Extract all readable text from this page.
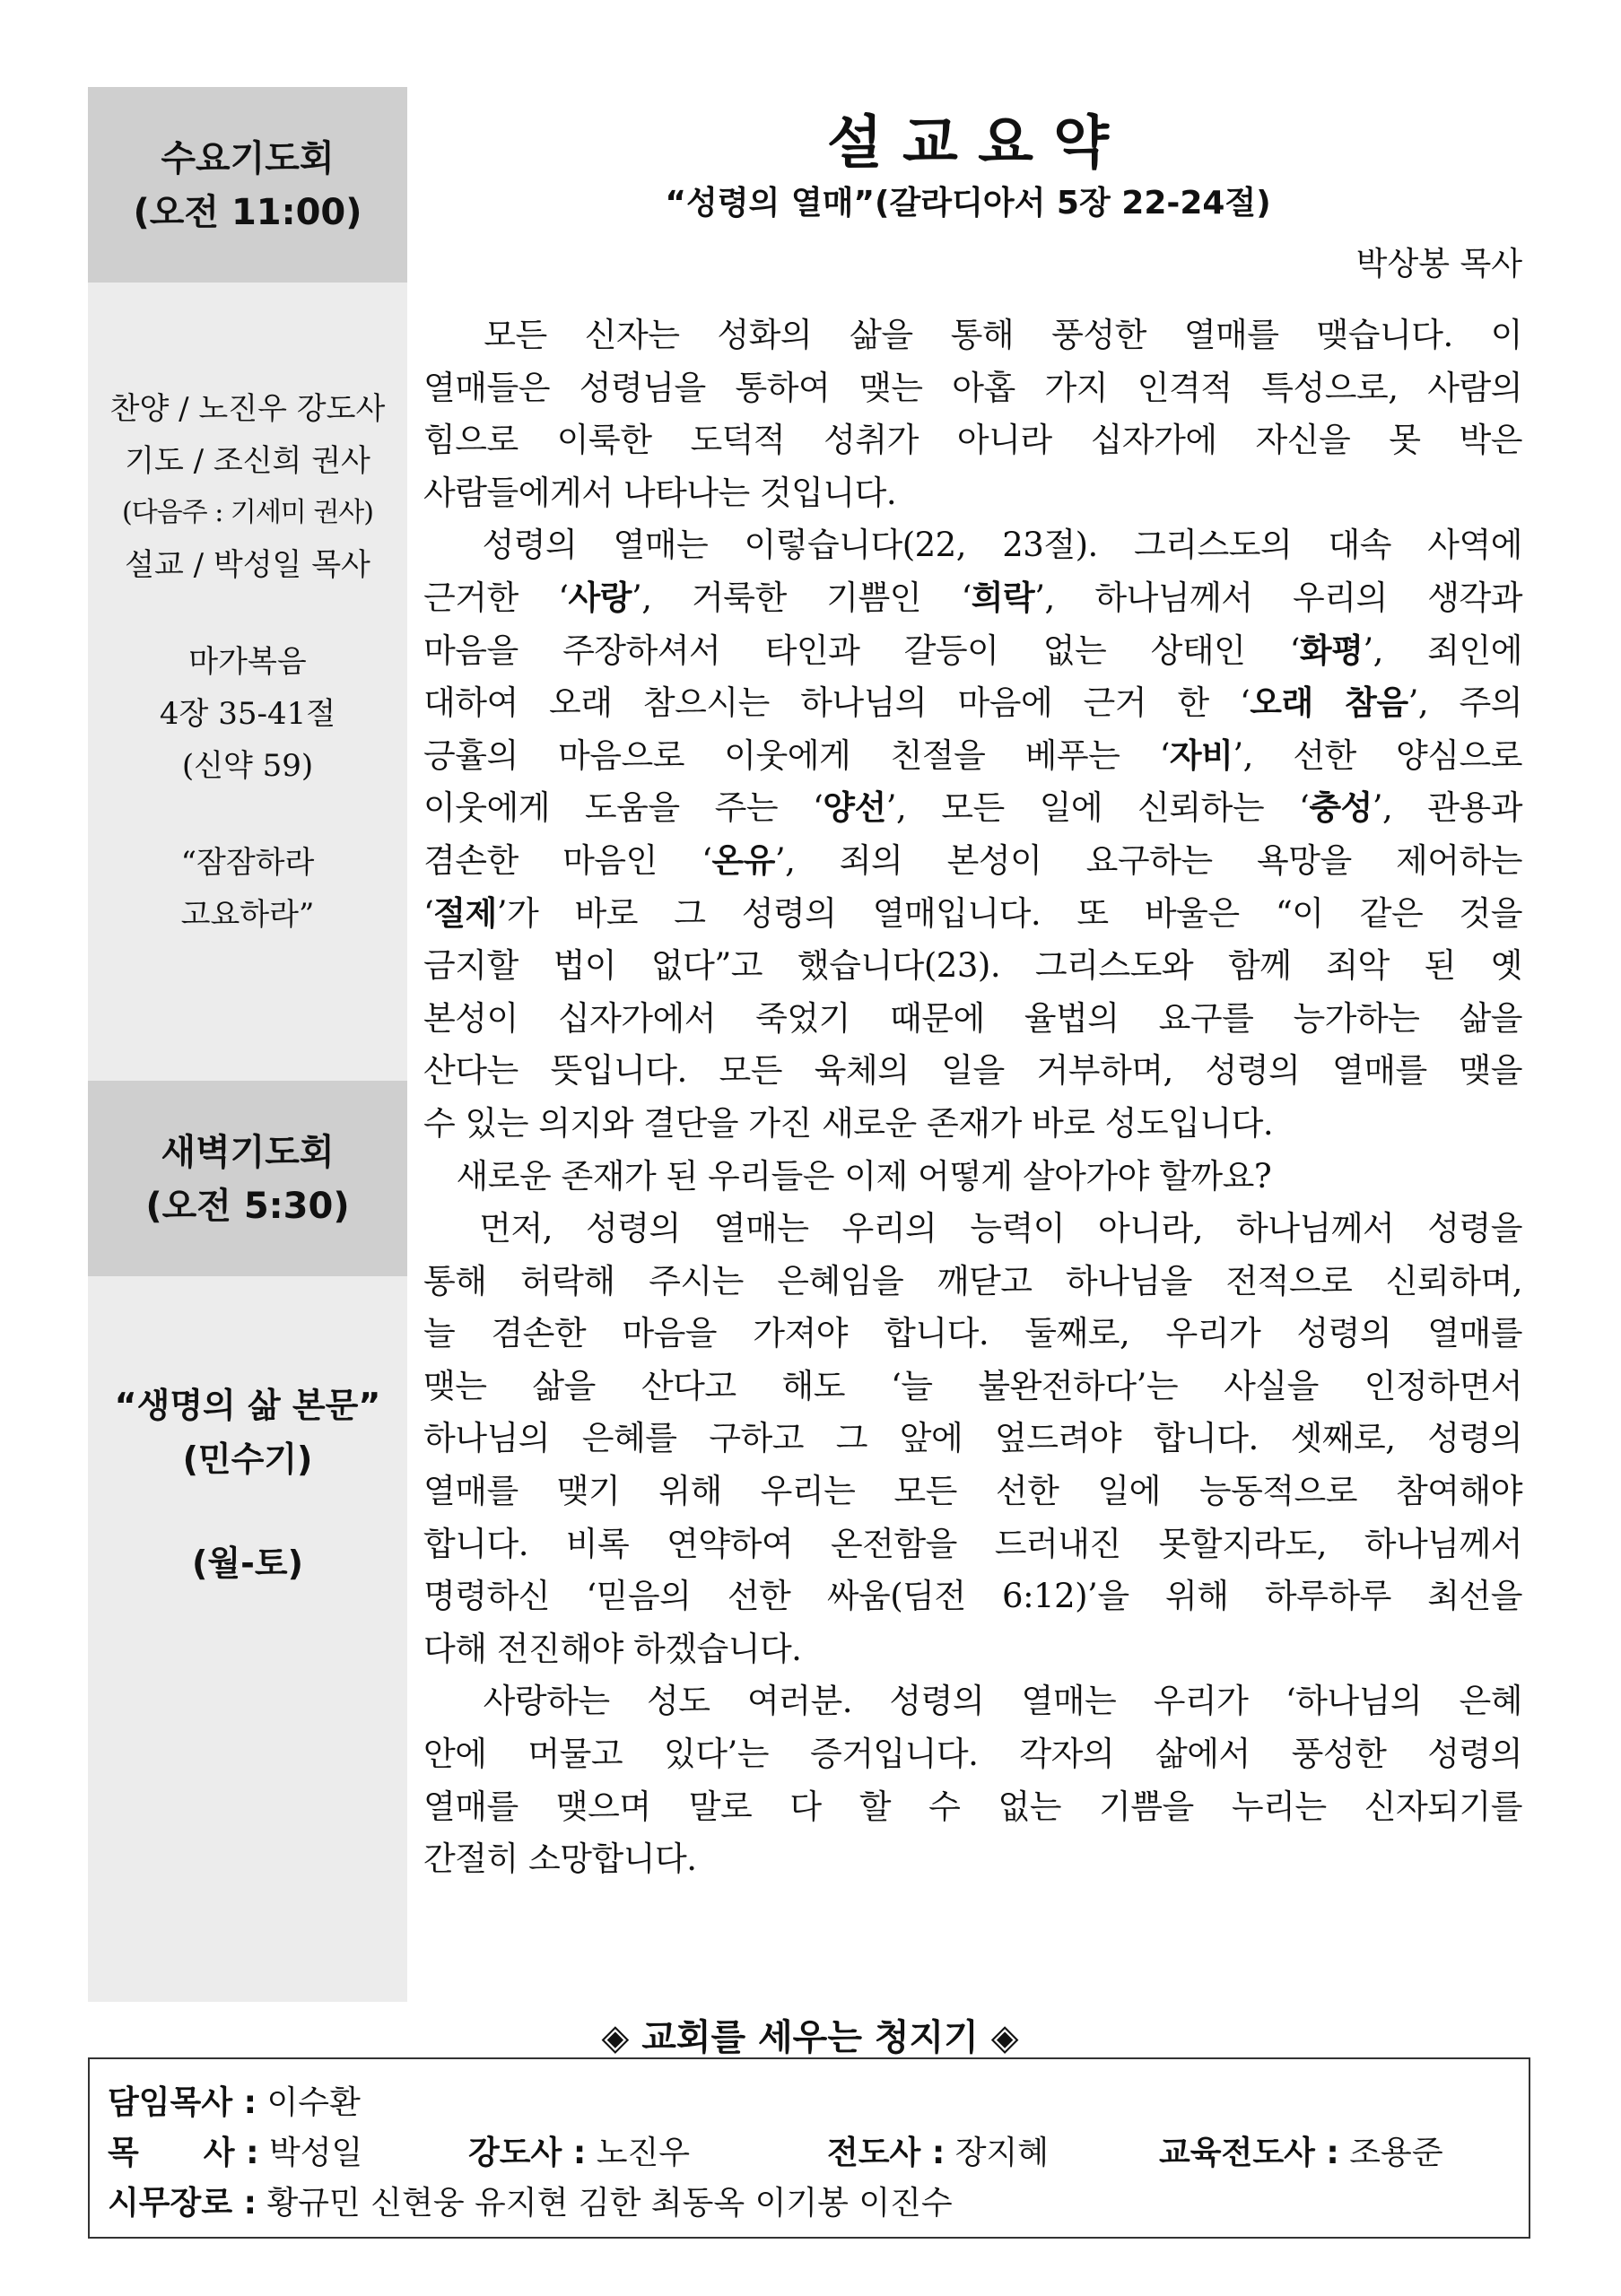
수요기도회
(오전 11:00)
찬양 / 노진우 강도사
기도 / 조신희 권사
(다음주 : 기세미 권사)
설교 / 박성일 목사
마가복음
4장 35-41절
(신약 59)
“잠잠하라
고요하라”
새벽기도회
(오전 5:30)
“생명의 삶 본문”
(민수기)
(월-토)
설 교 요 약
“성령의 열매”(갈라디아서 5장 22-24절)
박상봉 목사
　모든 신자는 성화의 삶을 통해 풍성한 열매를 맺습니다. 이
열매들은 성령님을 통하여 맺는 아홉 가지 인격적 특성으로, 사람의
힘으로 이룩한 도덕적 성취가 아니라 십자가에 자신을 못 박은
사람들에게서 나타나는 것입니다.
　성령의 열매는 이렇습니다(22, 23절). 그리스도의 대속 사역에
근거한 ‘사랑’, 거룩한 기쁨인 ‘희락’, 하나님께서 우리의 생각과
마음을 주장하셔서 타인과 갈등이 없는 상태인 ‘화평’, 죄인에
대하여 오래 참으시는 하나님의 마음에 근거 한 ‘오래 참음’, 주의
긍휼의 마음으로 이웃에게 친절을 베푸는 ‘자비’, 선한 양심으로
이웃에게 도움을 주는 ‘양선’, 모든 일에 신뢰하는 ‘충성’, 관용과
겸손한 마음인 ‘온유’, 죄의 본성이 요구하는 욕망을 제어하는
‘절제’가 바로 그 성령의 열매입니다. 또 바울은 “이 같은 것을
금지할 법이 없다”고 했습니다(23). 그리스도와 함께 죄악 된 옛
본성이 십자가에서 죽었기 때문에 율법의 요구를 능가하는 삶을
산다는 뜻입니다. 모든 육체의 일을 거부하며, 성령의 열매를 맺을
수 있는 의지와 결단을 가진 새로운 존재가 바로 성도입니다.
　새로운 존재가 된 우리들은 이제 어떻게 살아가야 할까요?
　먼저, 성령의 열매는 우리의 능력이 아니라, 하나님께서 성령을
통해 허락해 주시는 은혜임을 깨닫고 하나님을 전적으로 신뢰하며,
늘 겸손한 마음을 가져야 합니다. 둘째로, 우리가 성령의 열매를
맺는 삶을 산다고 해도 ‘늘 불완전하다’는 사실을 인정하면서
하나님의 은혜를 구하고 그 앞에 엎드려야 합니다. 셋째로, 성령의
열매를 맺기 위해 우리는 모든 선한 일에 능동적으로 참여해야
합니다. 비록 연약하여 온전함을 드러내진 못할지라도, 하나님께서
명령하신 ‘믿음의 선한 싸움(딤전 6:12)’을 위해 하루하루 최선을
다해 전진해야 하겠습니다.
　사랑하는 성도 여러분. 성령의 열매는 우리가 ‘하나님의 은혜
안에 머물고 있다’는 증거입니다. 각자의 삶에서 풍성한 성령의
열매를 맺으며 말로 다 할 수 없는 기쁨을 누리는 신자되기를
간절히 소망합니다.
◈ 교회를 세우는 청지기 ◈
담임목사 : 이수환
목　　사 : 박성일	강도사 : 노진우	전도사 : 장지혜	교육전도사 : 조용준
시무장로 : 황규민 신현웅 유지현 김한 최동옥 이기봉 이진수
